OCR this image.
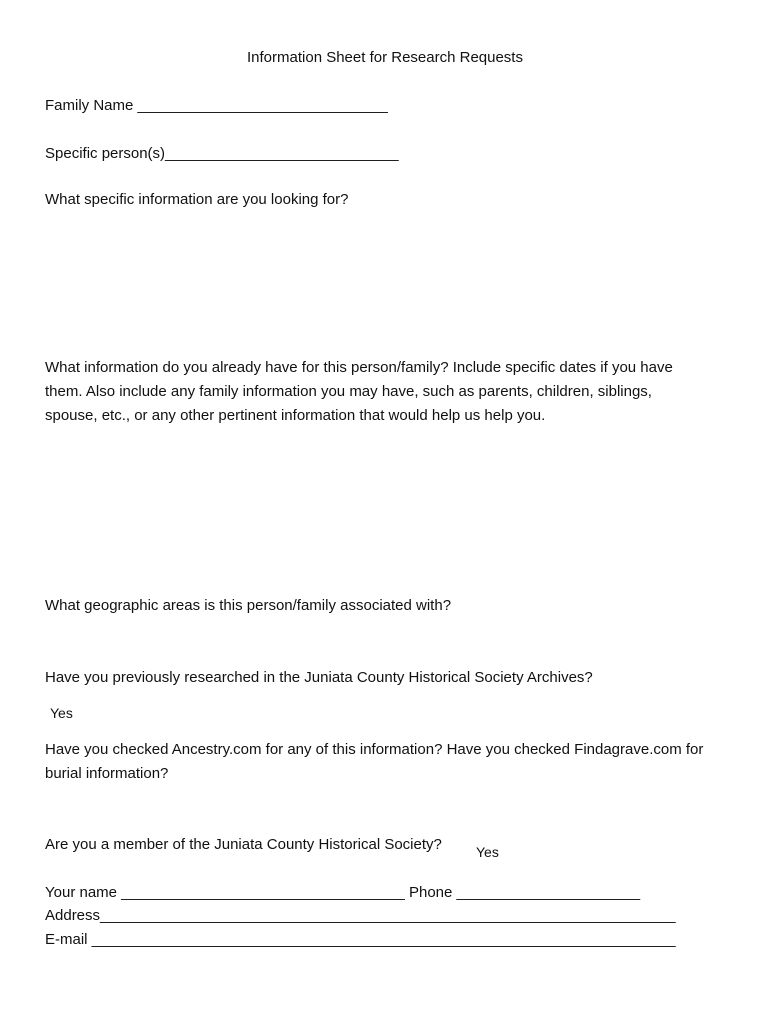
Information Sheet for Research Requests
Family Name ______________________________
Specific person(s)____________________________
What specific information are you looking for?
What information do you already have for this person/family? Include specific dates if you have them. Also include any family information you may have, such as parents, children, siblings, spouse, etc., or any other pertinent information that would help us help you.
What geographic areas is this person/family associated with?
Have you previously researched in the Juniata County Historical Society Archives?
Yes
Have you checked Ancestry.com for any of this information? Have you checked Findagrave.com for burial information?
Are you a member of the Juniata County Historical Society? Yes
Your name __________________________________ Phone ______________________
Address_____________________________________________________________________
E-mail ______________________________________________________________________
